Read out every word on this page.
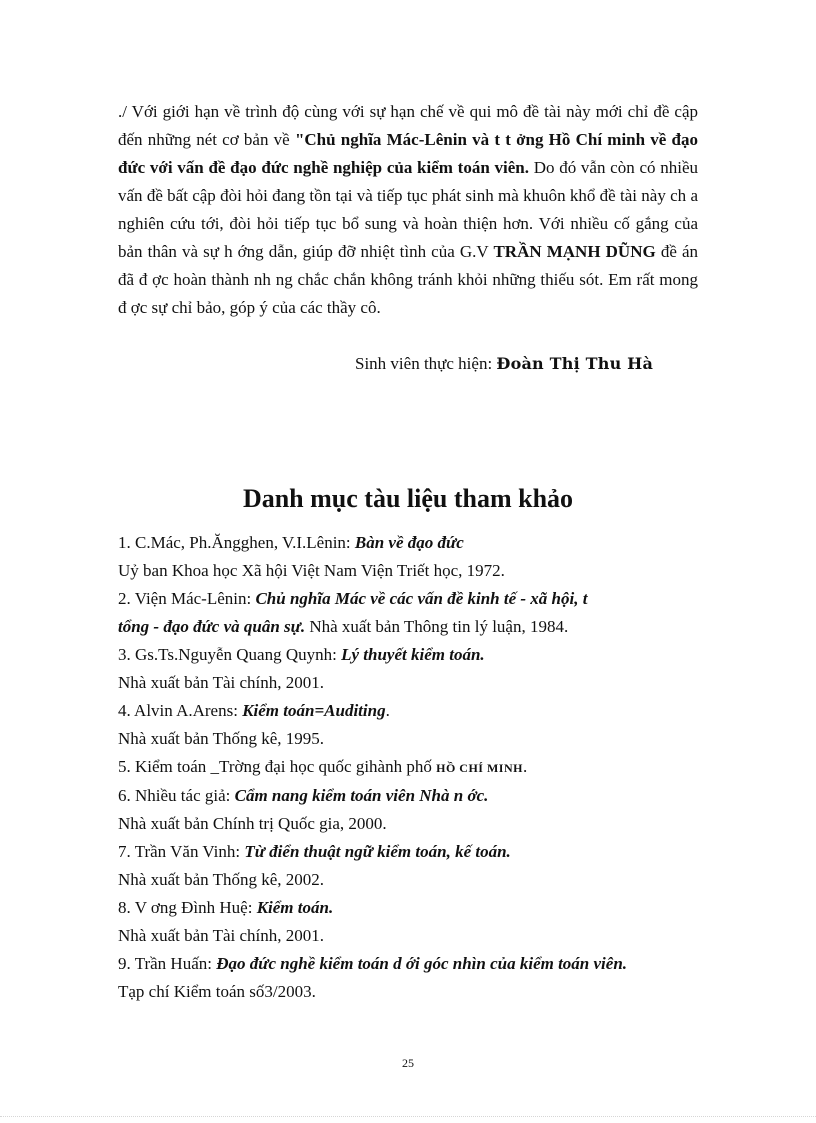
./ Với giới hạn về trình độ cùng với sự hạn chế về qui mô đề tài này mới chỉ đề cập đến những nét cơ bản về "Chủ nghĩa Mác-Lênin và t t ởng Hồ Chí minh về đạo đức với vấn đề đạo đức nghề nghiệp của kiểm toán viên. Do đó vẫn còn có nhiều vấn đề bất cập đòi hỏi đang tồn tại và tiếp tục phát sinh mà khuôn khổ đề tài này ch a nghiên cứu tới, đòi hỏi tiếp tục bổ sung và hoàn thiện hơn. Với nhiều cố gắng của bản thân và sự h ớng dẫn, giúp đỡ nhiệt tình của G.V TRẦN MẠNH DŨNG đề án đã đ ợc hoàn thành nh ng chắc chắn không tránh khỏi những thiếu sót. Em rất mong đ ợc sự chỉ bảo, góp ý của các thầy cô.

Sinh viên thực hiện: Đoàn Thị Thu Hà
Danh mục tàu liệu tham khảo
1. C.Mác, Ph.Ăngghen, V.I.Lênin: Bàn về đạo đức
Uỷ ban Khoa học Xã hội Việt Nam Viện Triết học, 1972.
2. Viện Mác-Lênin: Chủ nghĩa Mác về các vấn đề kinh tế - xã hội, t
tổng - đạo đức và quân sự. Nhà xuất bản Thông tin lý luận, 1984.
3. Gs.Ts.Nguyễn Quang Quynh: Lý thuyết kiểm toán.
Nhà xuất bản Tài chính, 2001.
4. Alvin A.Arens: Kiểm toán=Auditing.
Nhà xuất bản Thống kê, 1995.
5. Kiểm toán _Trờng đại học quốc gihành phố HỒ CHÍ MINH.
6. Nhiều tác giả: Cẩm nang kiểm toán viên Nhà n ớc.
Nhà xuất bản Chính trị Quốc gia, 2000.
7. Trần Văn Vinh: Từ điển thuật ngữ kiểm toán, kế toán.
Nhà xuất bản Thống kê, 2002.
8. V ơng Đình Huệ: Kiểm toán.
Nhà xuất bản Tài chính, 2001.
9. Trần Huấn: Đạo đức nghề kiểm toán d ới góc nhìn của kiểm toán viên.
Tạp chí Kiểm toán số3/2003.
25
